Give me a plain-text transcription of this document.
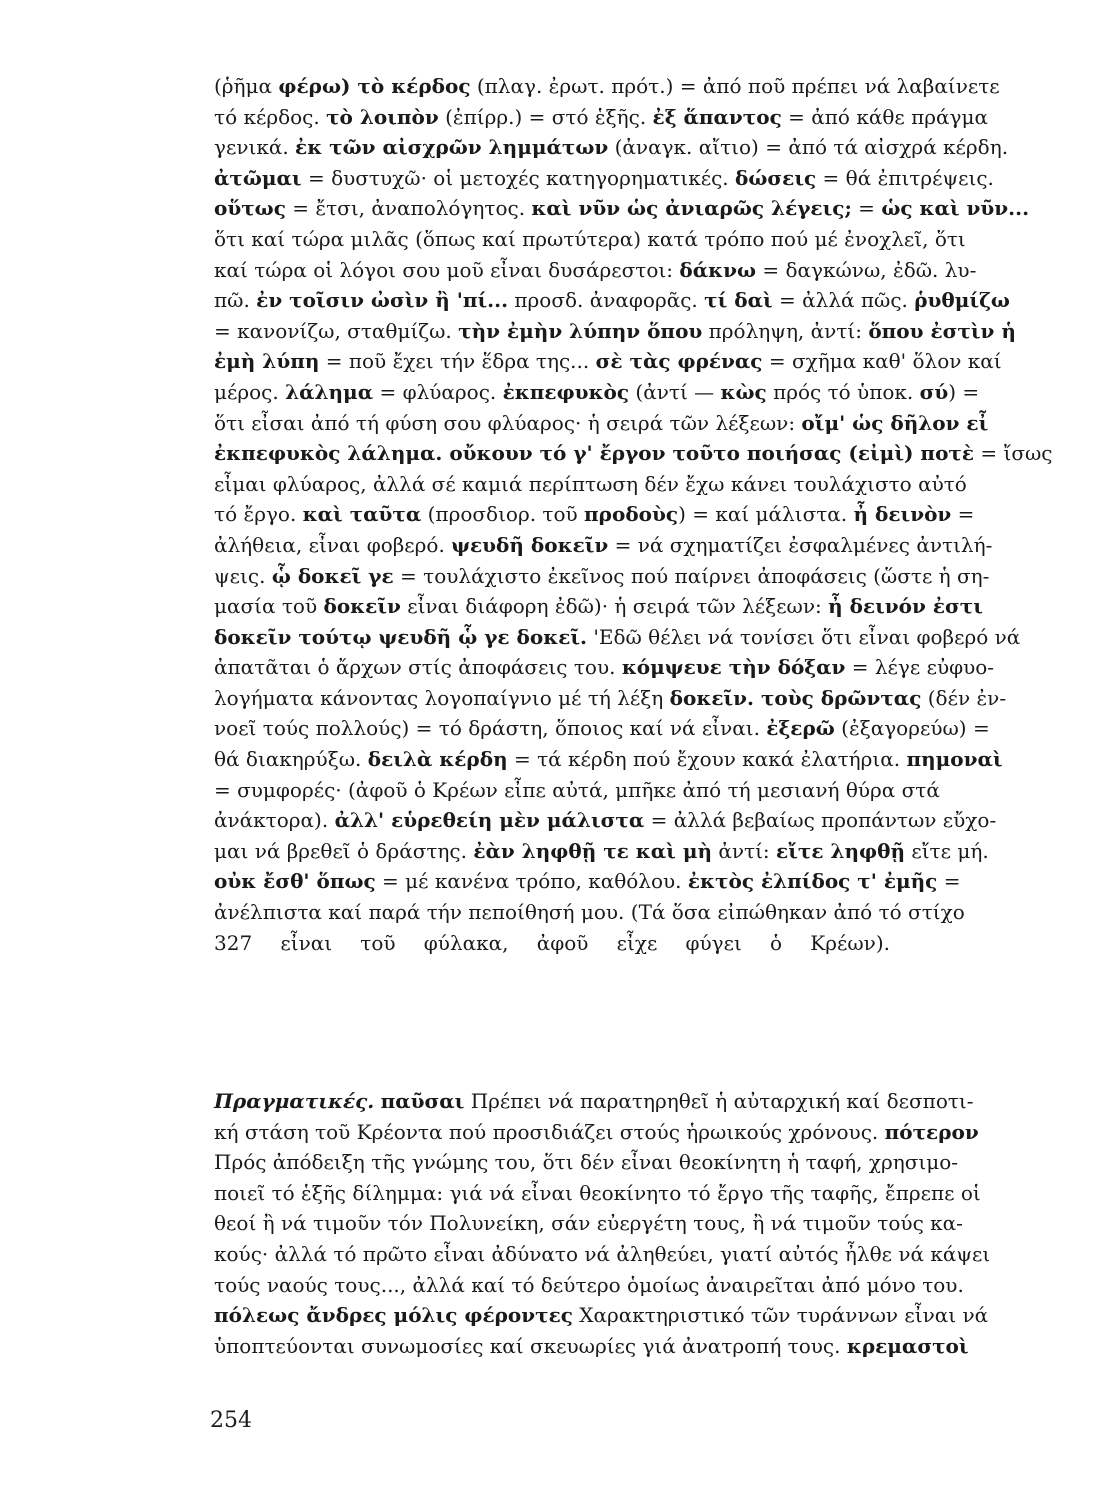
(ῥῆμα φέρω) τὸ κέρδος (πλαγ. ἐρωτ. πρότ.) = ἀπό ποῦ πρέπει νά λαβαίνετε
τό κέρδος. τὸ λοιπὸν (ἐπίρρ.) = στό ἑξῆς. ἐξ ἅπαντος = ἀπό κάθε πράγμα
γενικά. ἐκ τῶν αἰσχρῶν λημμάτων (ἀναγκ. αἴτιο) = ἀπό τά αἰσχρά κέρδη.
ἀτῶμαι = δυστυχῶ· οἱ μετοχές κατηγορηματικές. δώσεις = θά ἐπιτρέψεις.
οὕτως = ἔτσι, ἀναπολόγητος. καὶ νῦν ὡς ἀνιαρῶς λέγεις; = ὡς καὶ νῦν...
ὅτι καί τώρα μιλᾶς (ὅπως καί πρωτύτερα) κατά τρόπο πού μέ ἐνοχλεῖ, ὅτι
καί τώρα οἱ λόγοι σου μοῦ εἶναι δυσάρεστοι: δάκνω = δαγκώνω, ἐδῶ. λυ-
πῶ. ἐν τοῖσιν ὠσὶν ἢ 'πί... προσδ. ἀναφορᾶς. τί δαὶ = ἀλλά πῶς. ῥυθμίζω
= κανονίζω, σταθμίζω. τὴν ἐμὴν λύπην ὅπου πρόληψη, ἀντί: ὅπου ἐστὶν ἡ
ἐμὴ λύπη = ποῦ ἔχει τήν ἕδρα της... σὲ τὰς φρένας = σχῆμα καθ' ὅλον καί
μέρος. λάλημα = φλύαρος. ἐκπεφυκὸς (ἀντί — κὼς πρός τό ὑποκ. σύ) =
ὅτι εἶσαι ἀπό τή φύση σου φλύαρος· ἡ σειρά τῶν λέξεων: οἴμ' ὡς δῆλον εἶ
ἐκπεφυκὸς λάλημα. οὔκουν τό γ' ἔργον τοῦτο ποιήσας (εἰμὶ) ποτὲ = ἴσως
εἶμαι φλύαρος, ἀλλά σέ καμιά περίπτωση δέν ἔχω κάνει τουλάχιστο αὐτό
τό ἔργο. καὶ ταῦτα (προσδιορ. τοῦ προδοὺς) = καί μάλιστα. ἦ δεινὸν =
ἀλήθεια, εἶναι φοβερό. ψευδῆ δοκεῖν = νά σχηματίζει ἐσφαλμένες ἀντιλή-
ψεις. ᾧ δοκεῖ γε = τουλάχιστο ἐκεῖνος πού παίρνει ἀποφάσεις (ὥστε ἡ ση-
μασία τοῦ δοκεῖν εἶναι διάφορη ἐδῶ)· ἡ σειρά τῶν λέξεων: ἦ δεινόν ἐστι
δοκεῖν τούτῳ ψευδῆ ᾧ γε δοκεῖ. 'Εδῶ θέλει νά τονίσει ὅτι εἶναι φοβερό νά
ἀπατᾶται ὁ ἄρχων στίς ἀποφάσεις του. κόμψευε τὴν δόξαν = λέγε εὐφυο-
λογήματα κάνοντας λογοπαίγνιο μέ τή λέξη δοκεῖν. τοὺς δρῶντας (δέν ἐν-
νοεῖ τούς πολλούς) = τό δράστη, ὅποιος καί νά εἶναι. ἐξερῶ (ἐξαγορεύω) =
θά διακηρύξω. δειλὰ κέρδη = τά κέρδη πού ἔχουν κακά ἐλατήρια. πημοναὶ
= συμφορές· (ἀφοῦ ὁ Κρέων εἶπε αὐτά, μπῆκε ἀπό τή μεσιανή θύρα στά
ἀνάκτορα). ἀλλ' εὑρεθείη μὲν μάλιστα = ἀλλά βεβαίως προπάντων εὔχο-
μαι νά βρεθεῖ ὁ δράστης. ἐὰν ληφθῇ τε καὶ μὴ ἀντί: εἴτε ληφθῇ εἴτε μή.
οὐκ ἔσθ' ὅπως = μέ κανένα τρόπο, καθόλου. ἐκτὸς ἐλπίδος τ' ἐμῆς =
ἀνέλπιστα καί παρά τήν πεποίθησή μου. (Τά ὅσα εἰπώθηκαν ἀπό τό στίχο
327 εἶναι τοῦ φύλακα, ἀφοῦ εἶχε φύγει ὁ Κρέων).

Πραγματικές. παῦσαι Πρέπει νά παρατηρηθεῖ ἡ αὐταρχική καί δεσποτι-
κή στάση τοῦ Κρέοντα πού προσιδιάζει στούς ἡρωικούς χρόνους. πότερον
Πρός ἀπόδειξη τῆς γνώμης του, ὅτι δέν εἶναι θεοκίνητη ἡ ταφή, χρησιμο-
ποιεῖ τό ἑξῆς δίλημμα: γιά νά εἶναι θεοκίνητο τό ἔργο τῆς ταφῆς, ἔπρεπε οἱ
θεοί ἢ νά τιμοῦν τόν Πολυνείκη, σάν εὐεργέτη τους, ἢ νά τιμοῦν τούς κα-
κούς· ἀλλά τό πρῶτο εἶναι ἀδύνατο νά ἀληθεύει, γιατί αὐτός ἦλθε νά κάψει
τούς ναούς τους..., ἀλλά καί τό δεύτερο ὁμοίως ἀναιρεῖται ἀπό μόνο του.
πόλεως ἄνδρες μόλις φέροντες Χαρακτηριστικό τῶν τυράννων εἶναι νά
ὑποπτεύονται συνωμοσίες καί σκευωρίες γιά ἀνατροπή τους. κρεμαστοὶ

254
